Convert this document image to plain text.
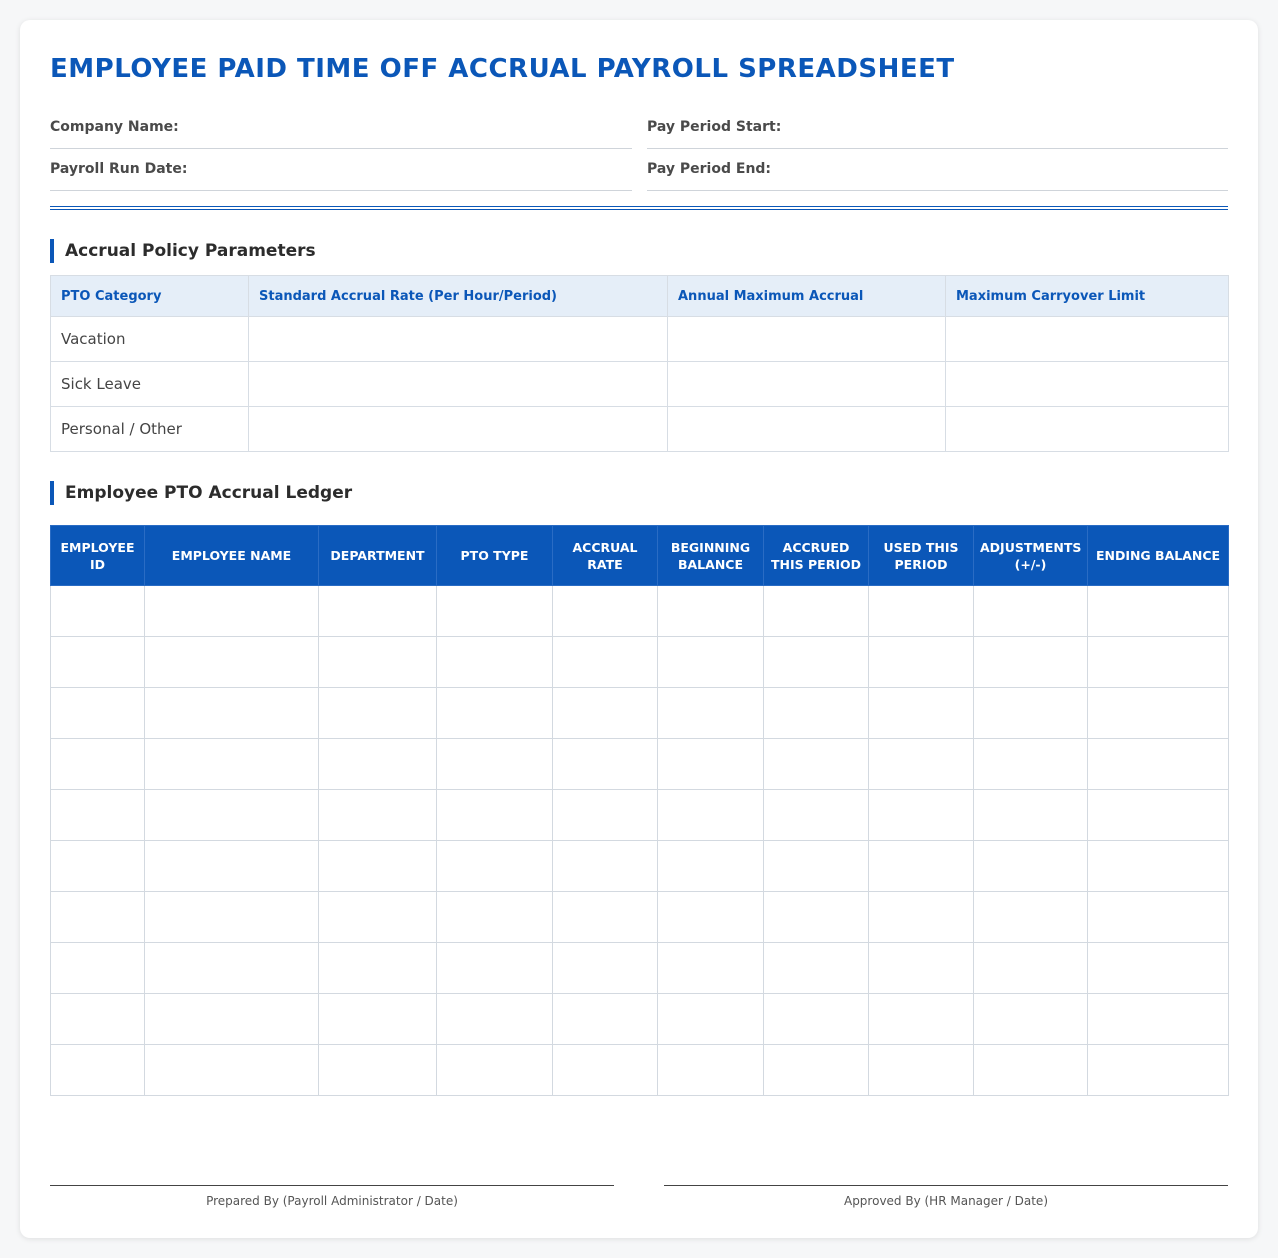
EMPLOYEE PAID TIME OFF ACCRUAL PAYROLL SPREADSHEET
Company Name:	Pay Period Start:
Payroll Run Date:	Pay Period End:
Accrual Policy Parameters
PTO Category	Standard Accrual Rate (Per Hour/Period)	Annual Maximum Accrual	Maximum Carryover Limit
Vacation			
Sick Leave			
Personal / Other			
Employee PTO Accrual Ledger
EMPLOYEE ID	EMPLOYEE NAME	DEPARTMENT	PTO TYPE	ACCRUAL RATE	BEGINNING BALANCE	ACCRUED THIS PERIOD	USED THIS PERIOD	ADJUSTMENTS (+/-)	ENDING BALANCE

Prepared By (Payroll Administrator / Date)	Approved By (HR Manager / Date)
